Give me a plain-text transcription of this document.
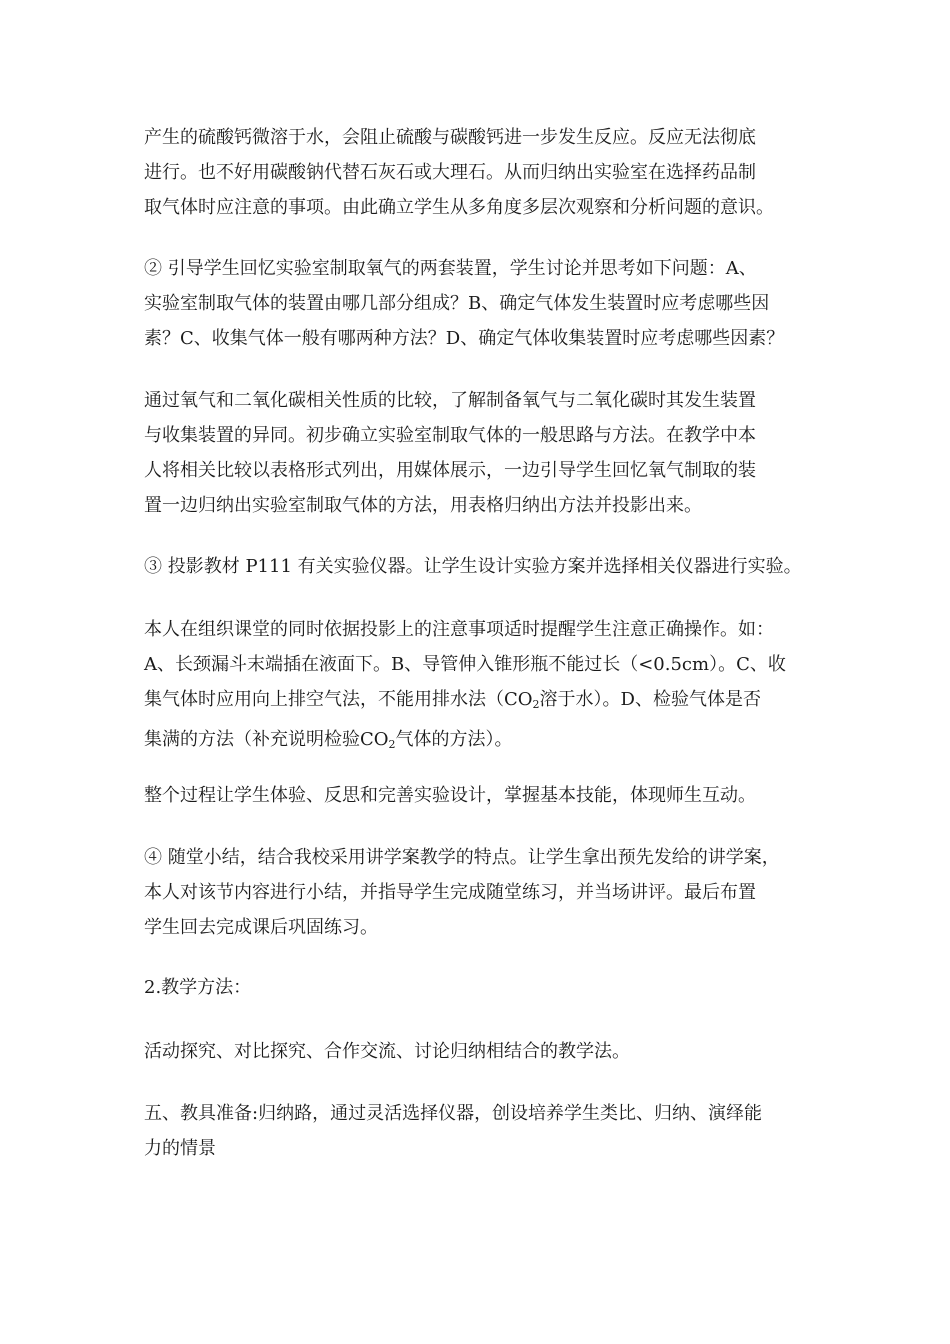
产生的硫酸钙微溶于水，会阻止硫酸与碳酸钙进一步发生反应。反应无法彻底
进行。也不好用碳酸钠代替石灰石或大理石。从而归纳出实验室在选择药品制
取气体时应注意的事项。由此确立学生从多角度多层次观察和分析问题的意识。

② 引导学生回忆实验室制取氧气的两套装置，学生讨论并思考如下问题：A、
实验室制取气体的装置由哪几部分组成？B、确定气体发生装置时应考虑哪些因
素？C、收集气体一般有哪两种方法？D、确定气体收集装置时应考虑哪些因素？

通过氧气和二氧化碳相关性质的比较，了解制备氧气与二氧化碳时其发生装置
与收集装置的异同。初步确立实验室制取气体的一般思路与方法。在教学中本
人将相关比较以表格形式列出，用媒体展示，一边引导学生回忆氧气制取的装
置一边归纳出实验室制取气体的方法，用表格归纳出方法并投影出来。

③ 投影教材 P111 有关实验仪器。让学生设计实验方案并选择相关仪器进行实验。

本人在组织课堂的同时依据投影上的注意事项适时提醒学生注意正确操作。如：
A、长颈漏斗末端插在液面下。B、导管伸入锥形瓶不能过长（<0.5cm）。C、收
集气体时应用向上排空气法，不能用排水法（CO2溶于水）。D、检验气体是否
集满的方法（补充说明检验CO2气体的方法）。

整个过程让学生体验、反思和完善实验设计，掌握基本技能，体现师生互动。

④ 随堂小结，结合我校采用讲学案教学的特点。让学生拿出预先发给的讲学案，
本人对该节内容进行小结，并指导学生完成随堂练习，并当场讲评。最后布置
学生回去完成课后巩固练习。

2.教学方法：

活动探究、对比探究、合作交流、讨论归纳相结合的教学法。

五、教具准备:归纳路，通过灵活选择仪器，创设培养学生类比、归纳、演绎能
力的情景
